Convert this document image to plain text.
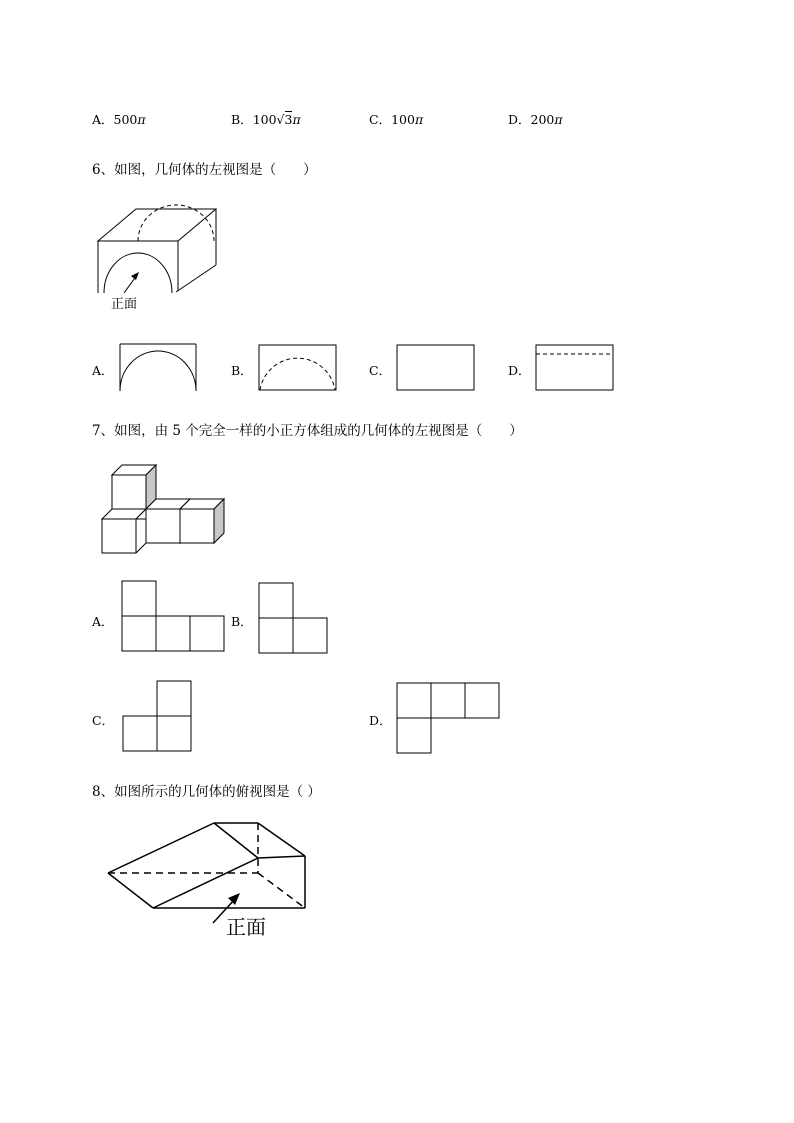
A．500π	B．100√3π	C．100π	D．200π
6、如图，几何体的左视图是（　　）
正面
A．	B．	C．	D．
7、如图，由 5 个完全一样的小正方体组成的几何体的左视图是（　　）
A．	B．
C．	D．
8、如图所示的几何体的俯视图是（ ）
正面
